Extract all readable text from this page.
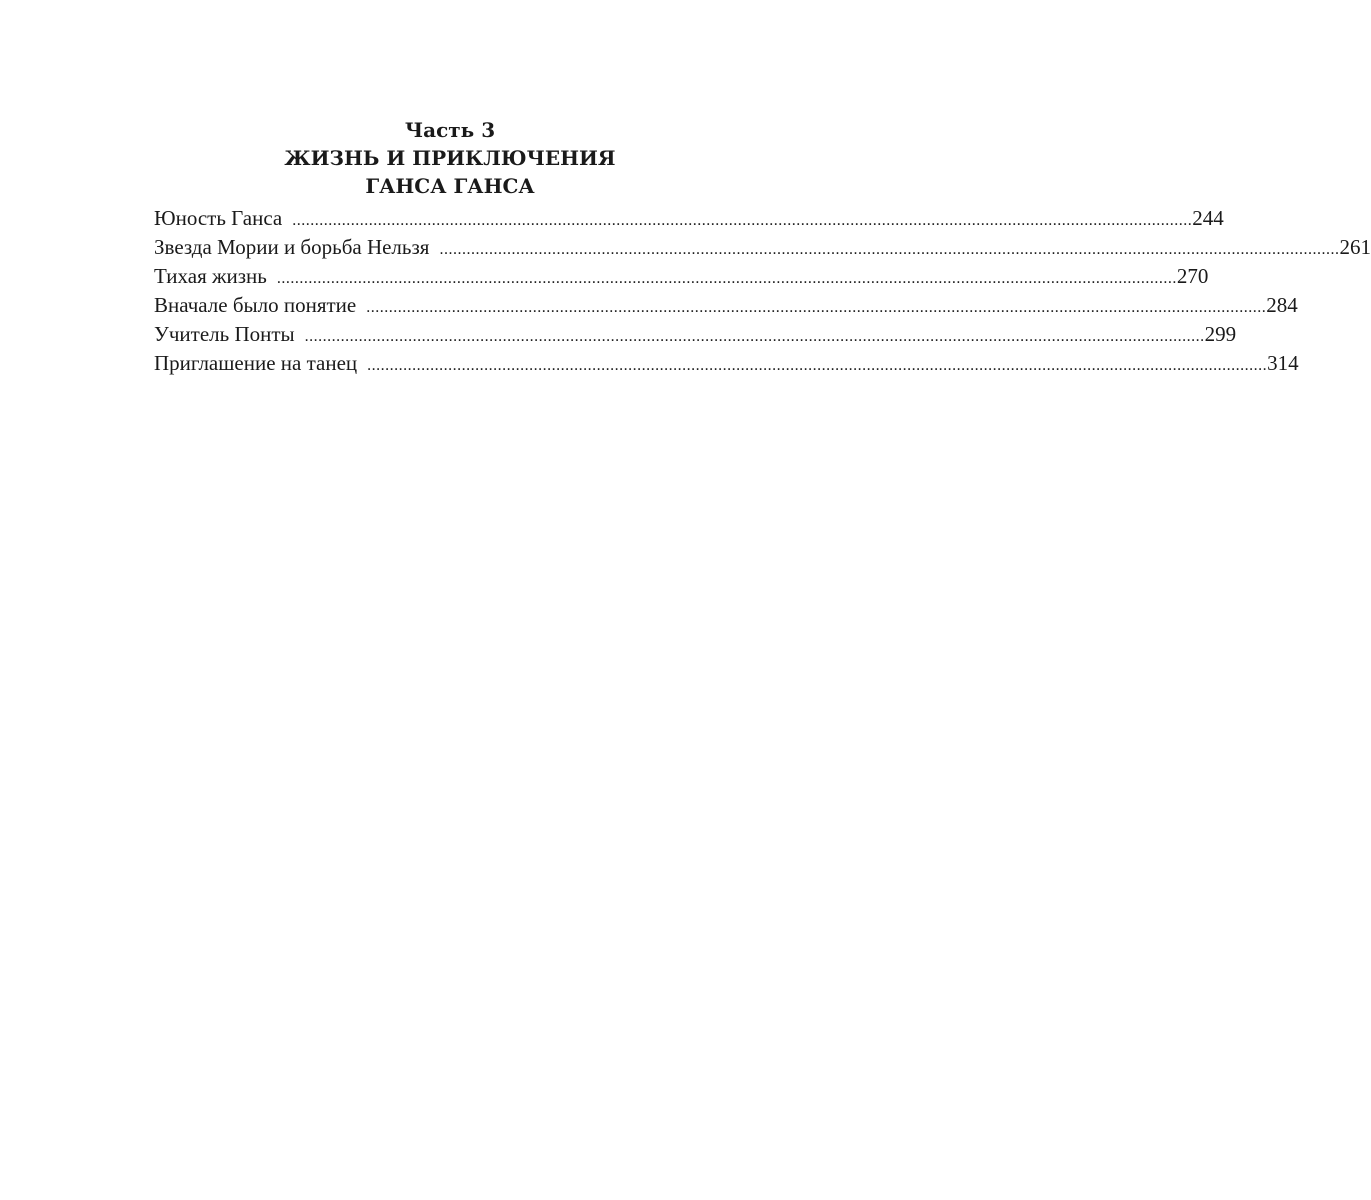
Часть 3
ЖИЗНЬ И ПРИКЛЮЧЕНИЯ
ГАНСА ГАНСА
Юность Ганса ........................................................................................................................................................................................................ 244
Звезда Мории и борьба Нельзя ........................................................................................................................................................................................................ 261
Тихая жизнь ........................................................................................................................................................................................................ 270
Вначале было понятие ........................................................................................................................................................................................................ 284
Учитель Понты ........................................................................................................................................................................................................ 299
Приглашение на танец ........................................................................................................................................................................................................ 314
